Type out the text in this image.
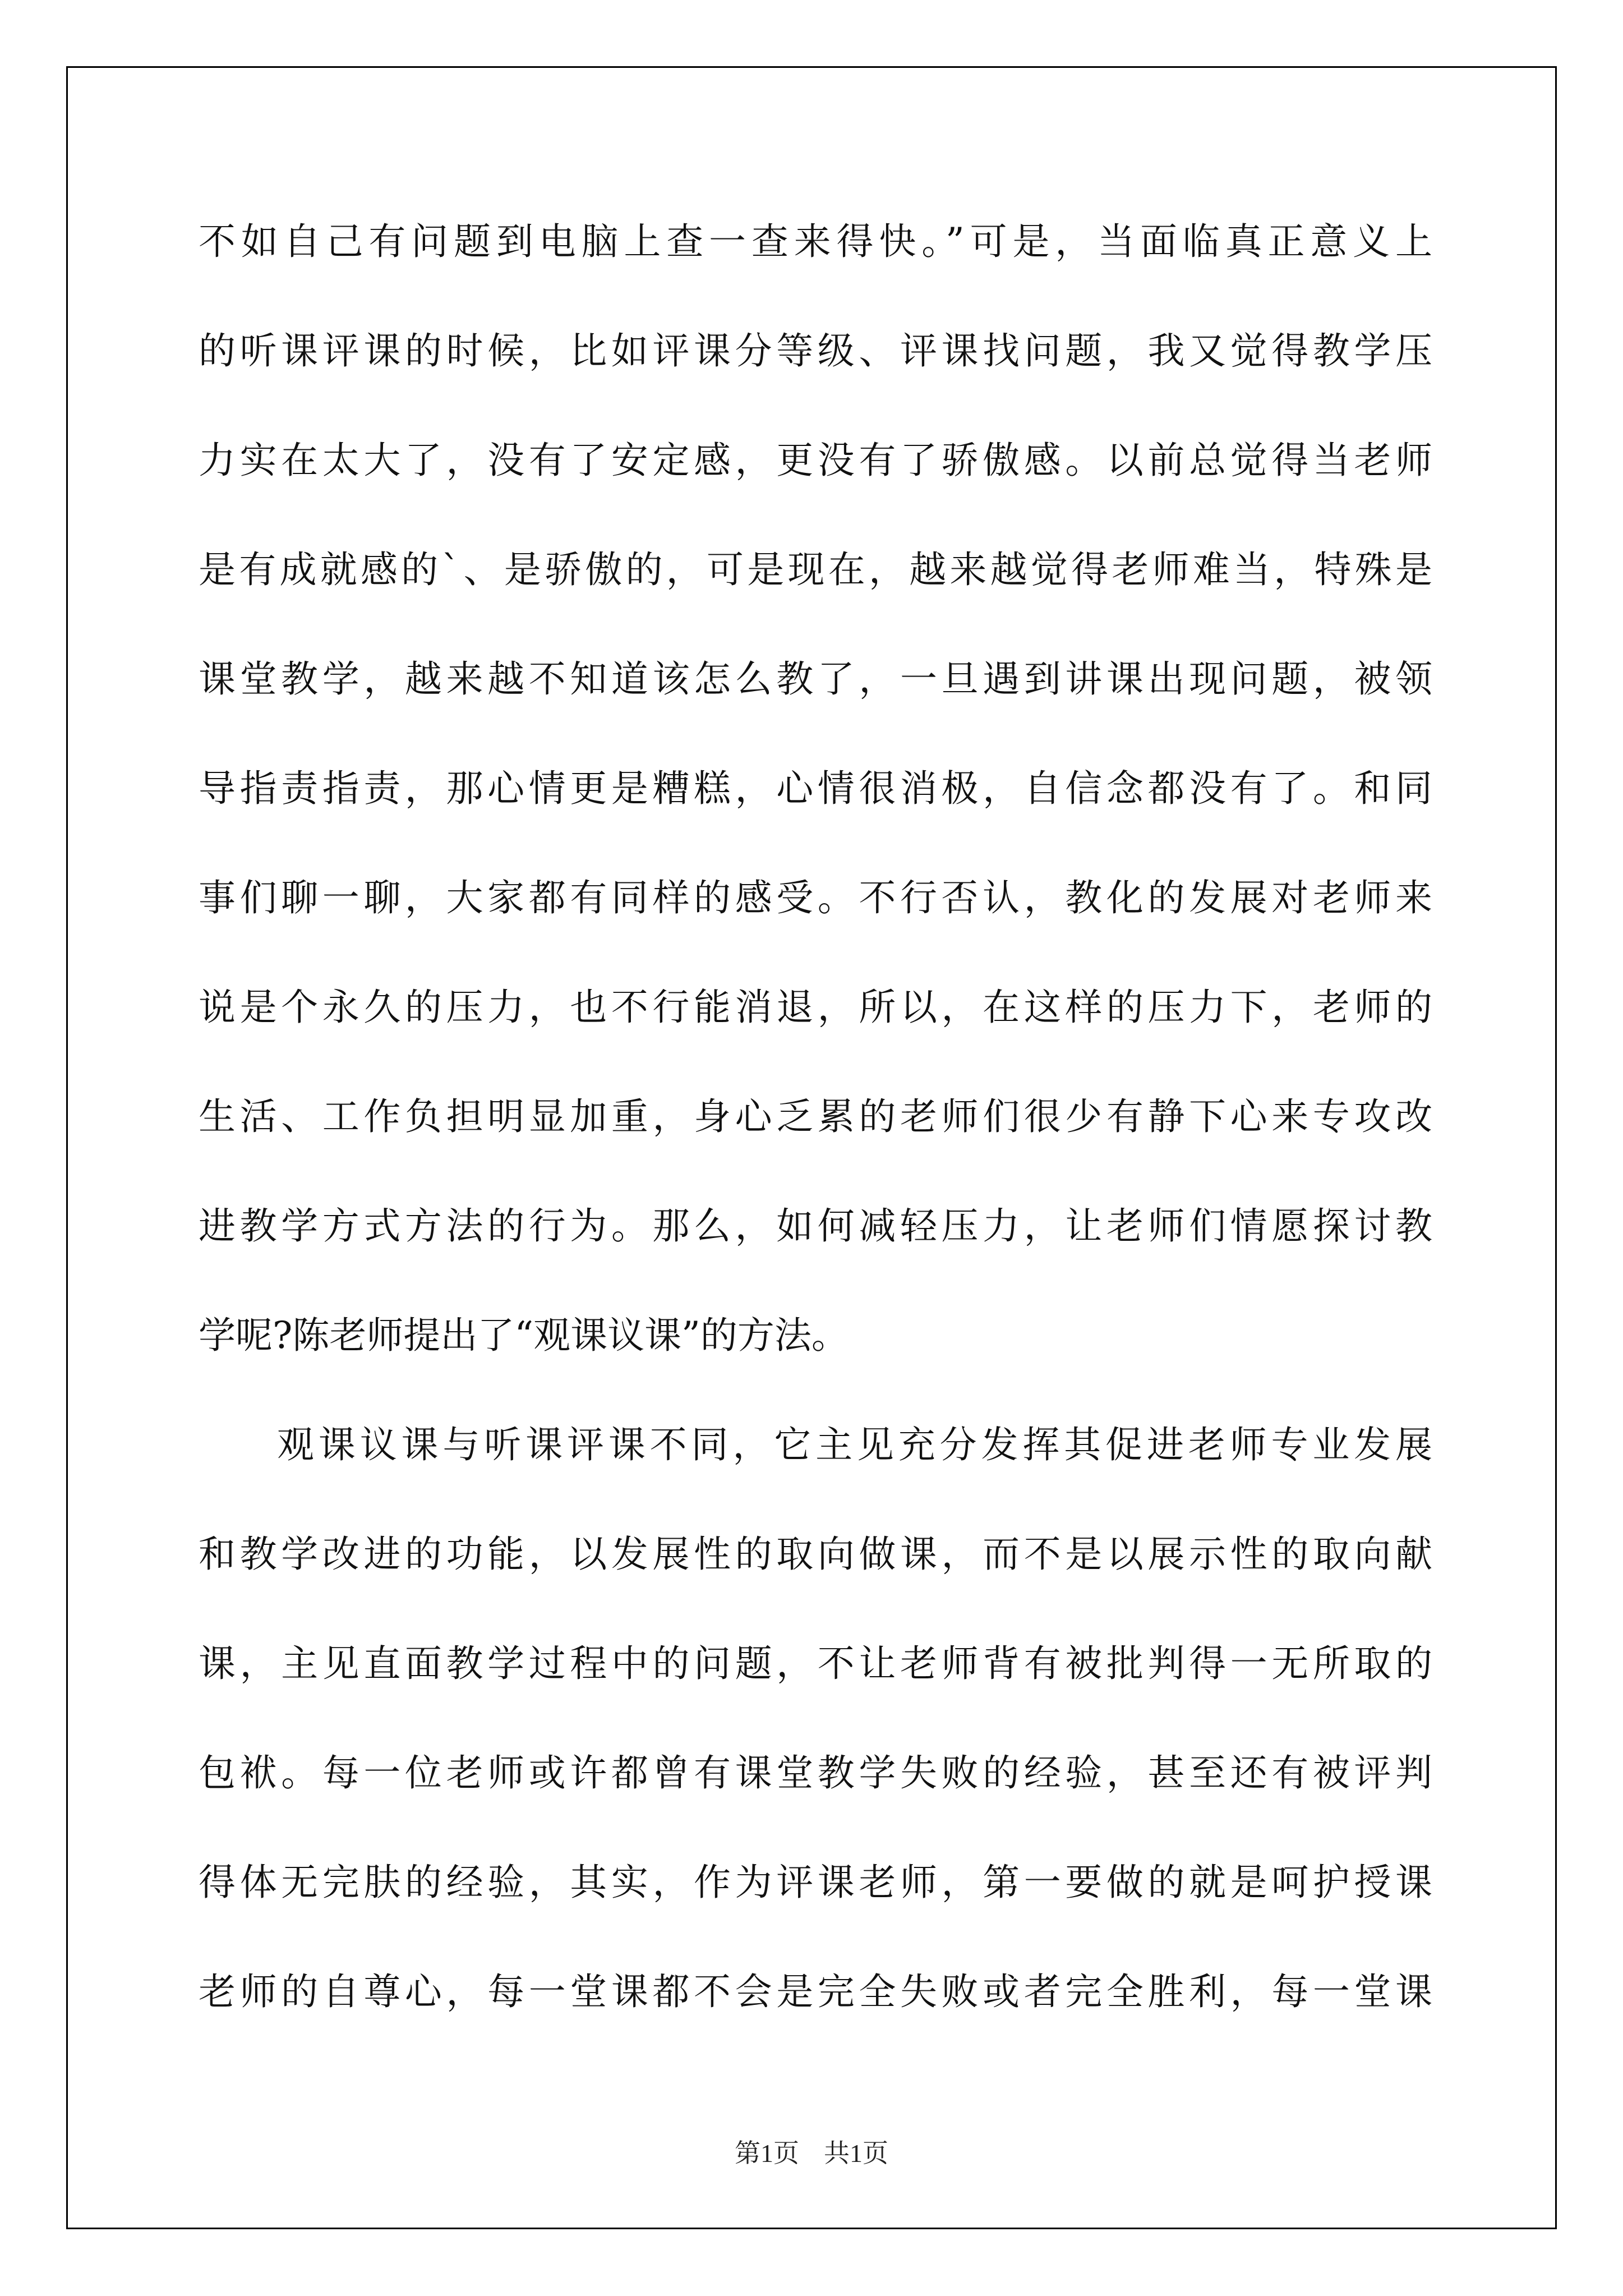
不如自己有问题到电脑上查一查来得快。”可是，当面临真正意义上
的听课评课的时候，比如评课分等级、评课找问题，我又觉得教学压
力实在太大了，没有了安定感，更没有了骄傲感。以前总觉得当老师
是有成就感的`、是骄傲的，可是现在，越来越觉得老师难当，特殊是
课堂教学，越来越不知道该怎么教了，一旦遇到讲课出现问题，被领
导指责指责，那心情更是糟糕，心情很消极，自信念都没有了。和同
事们聊一聊，大家都有同样的感受。不行否认，教化的发展对老师来
说是个永久的压力，也不行能消退，所以，在这样的压力下，老师的
生活、工作负担明显加重，身心乏累的老师们很少有静下心来专攻改
进教学方式方法的行为。那么，如何减轻压力，让老师们情愿探讨教
学呢?陈老师提出了“观课议课”的方法。
观课议课与听课评课不同，它主见充分发挥其促进老师专业发展
和教学改进的功能，以发展性的取向做课，而不是以展示性的取向献
课，主见直面教学过程中的问题，不让老师背有被批判得一无所取的
包袱。每一位老师或许都曾有课堂教学失败的经验，甚至还有被评判
得体无完肤的经验，其实，作为评课老师，第一要做的就是呵护授课
老师的自尊心，每一堂课都不会是完全失败或者完全胜利，每一堂课
第1页 共1页
